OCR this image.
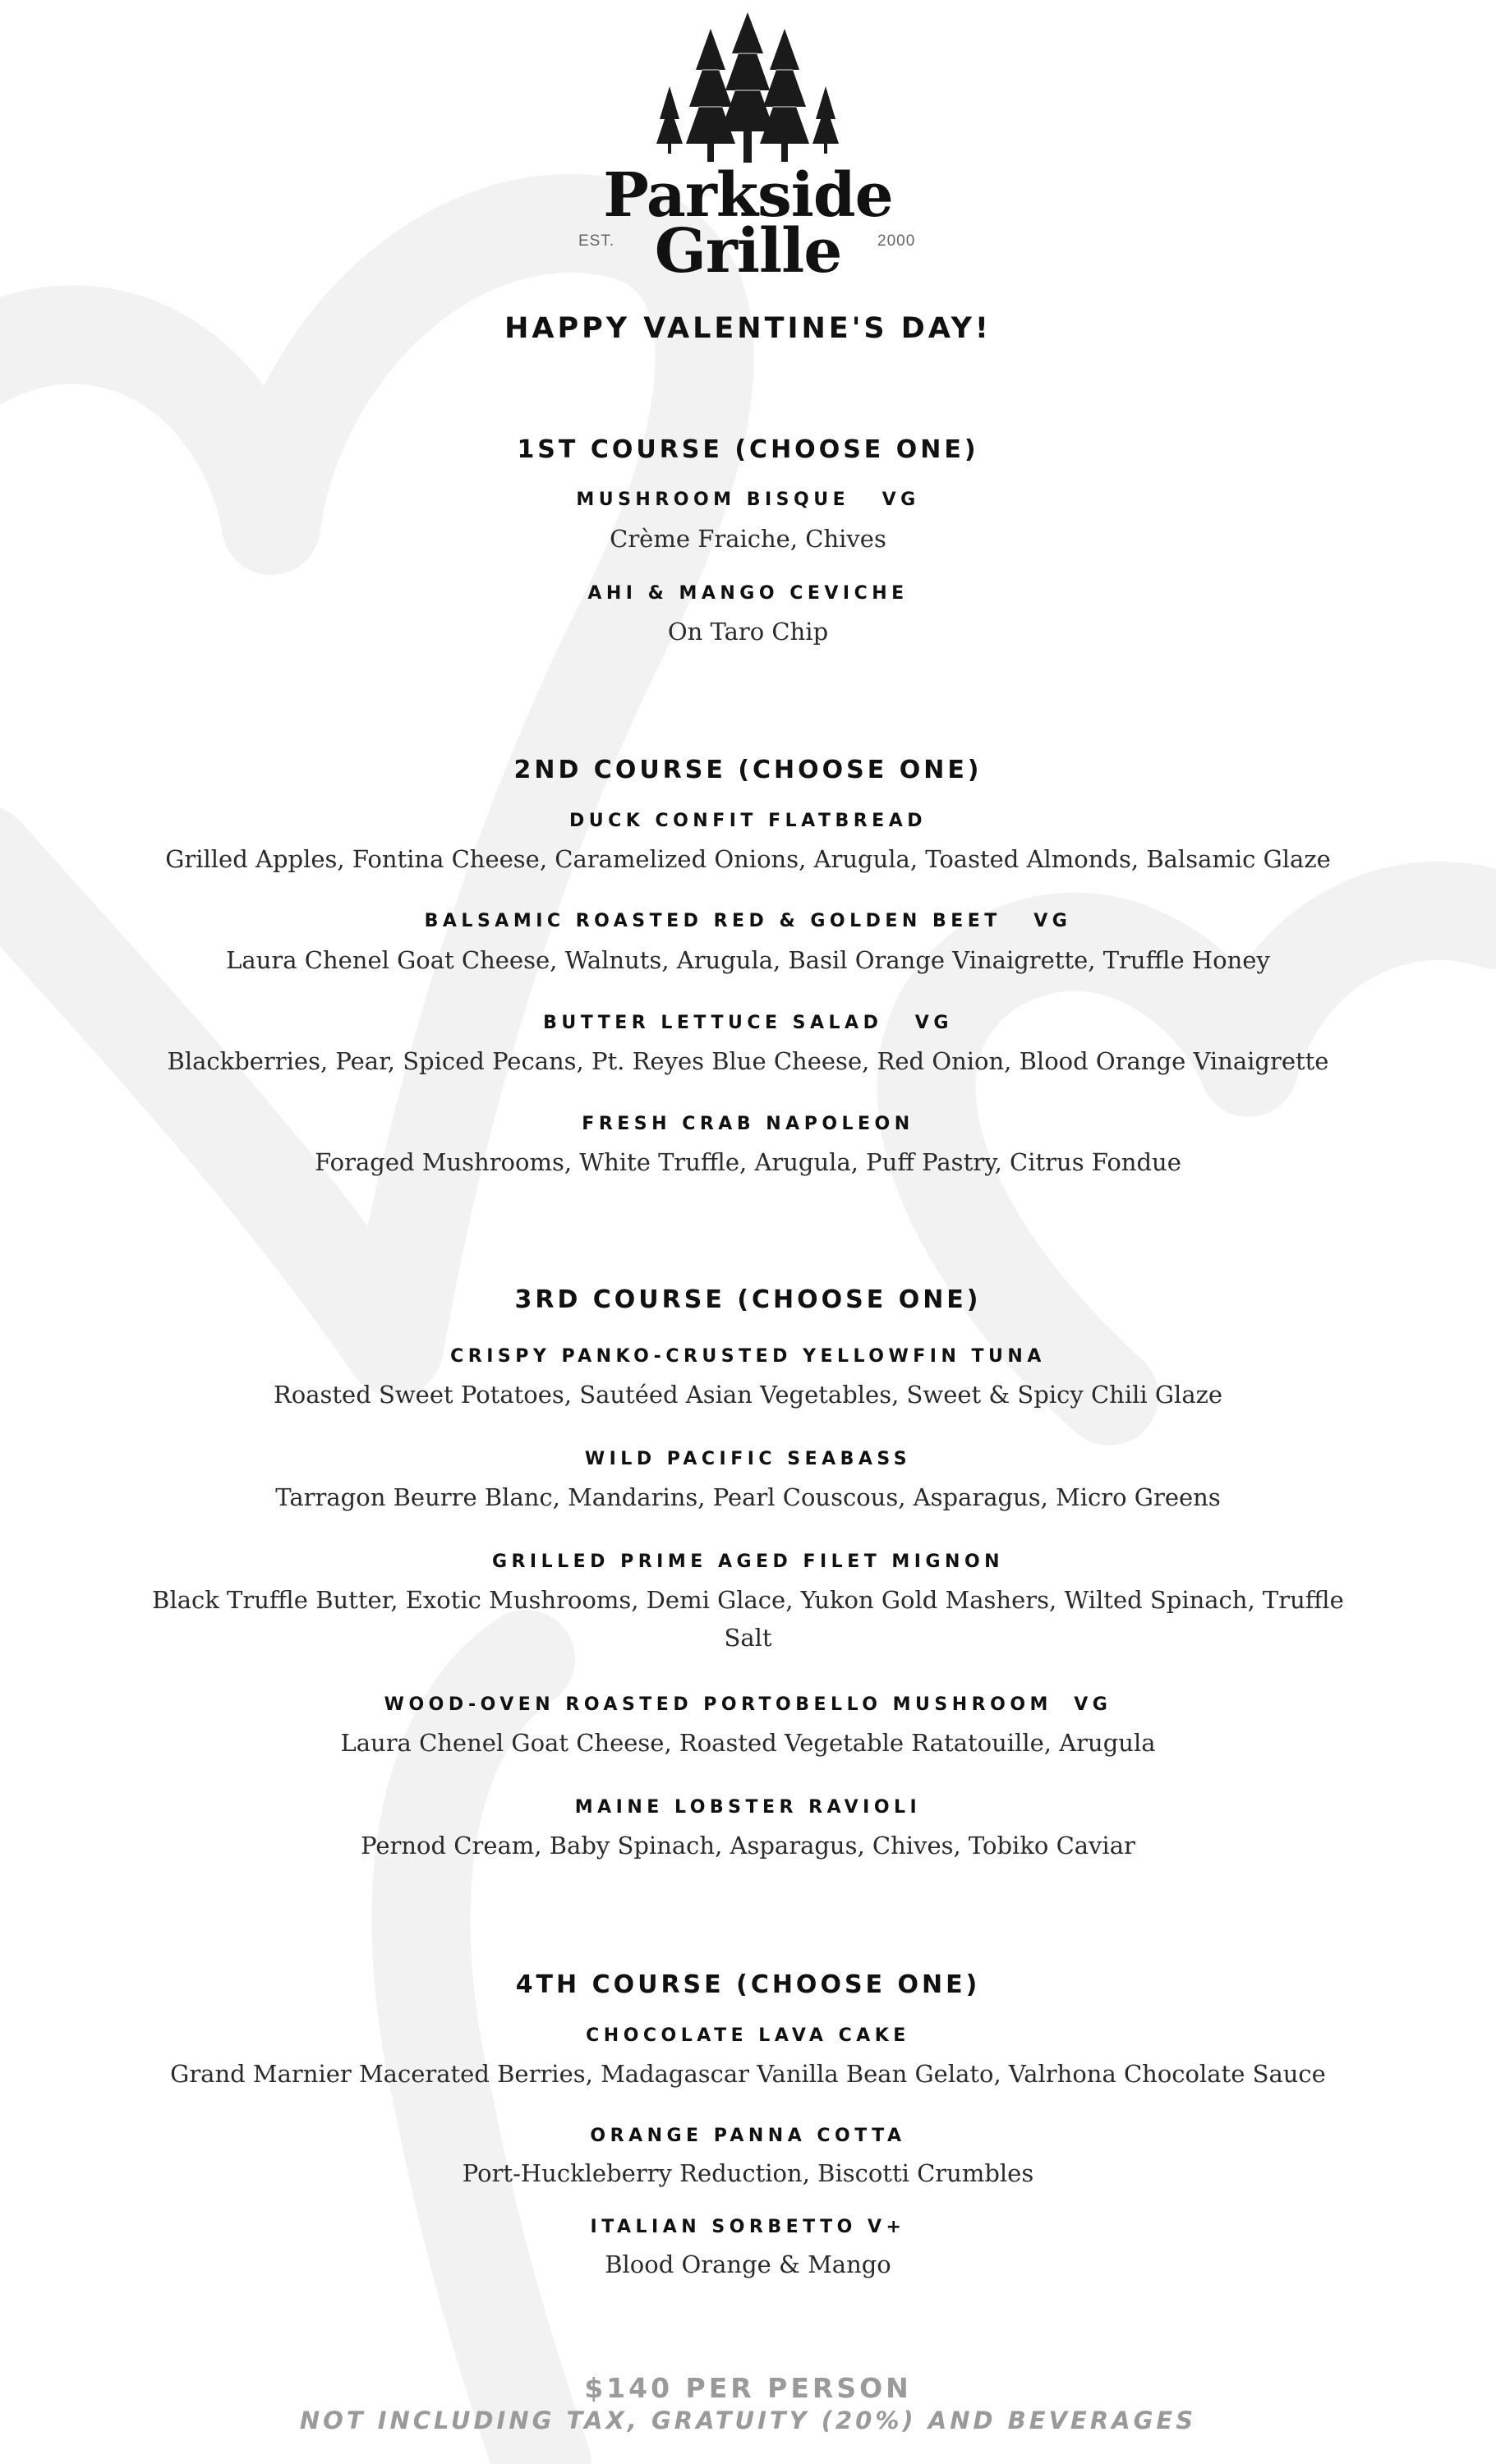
Parkside
Grille
EST.	2000
HAPPY VALENTINE'S DAY!
1ST COURSE (CHOOSE ONE)
MUSHROOM BISQUE   VG
Crème Fraiche, Chives
AHI & MANGO CEVICHE
On Taro Chip
2ND COURSE (CHOOSE ONE)
DUCK CONFIT FLATBREAD
Grilled Apples, Fontina Cheese, Caramelized Onions, Arugula, Toasted Almonds, Balsamic Glaze
BALSAMIC ROASTED RED & GOLDEN BEET   VG
Laura Chenel Goat Cheese, Walnuts, Arugula, Basil Orange Vinaigrette, Truffle Honey
BUTTER LETTUCE SALAD   VG
Blackberries, Pear, Spiced Pecans, Pt. Reyes Blue Cheese, Red Onion, Blood Orange Vinaigrette
FRESH CRAB NAPOLEON
Foraged Mushrooms, White Truffle, Arugula, Puff Pastry, Citrus Fondue
3RD COURSE (CHOOSE ONE)
CRISPY PANKO-CRUSTED YELLOWFIN TUNA
Roasted Sweet Potatoes, Sautéed Asian Vegetables, Sweet & Spicy Chili Glaze
WILD PACIFIC SEABASS
Tarragon Beurre Blanc, Mandarins, Pearl Couscous, Asparagus, Micro Greens
GRILLED PRIME AGED FILET MIGNON
Black Truffle Butter, Exotic Mushrooms, Demi Glace, Yukon Gold Mashers, Wilted Spinach, Truffle Salt
WOOD-OVEN ROASTED PORTOBELLO MUSHROOM  VG
Laura Chenel Goat Cheese, Roasted Vegetable Ratatouille, Arugula
MAINE LOBSTER RAVIOLI
Pernod Cream, Baby Spinach, Asparagus, Chives, Tobiko Caviar
4TH COURSE (CHOOSE ONE)
CHOCOLATE LAVA CAKE
Grand Marnier Macerated Berries, Madagascar Vanilla Bean Gelato, Valrhona Chocolate Sauce
ORANGE PANNA COTTA
Port-Huckleberry Reduction, Biscotti Crumbles
ITALIAN SORBETTO V+
Blood Orange & Mango
$140 PER PERSON
NOT INCLUDING TAX, GRATUITY (20%) AND BEVERAGES
